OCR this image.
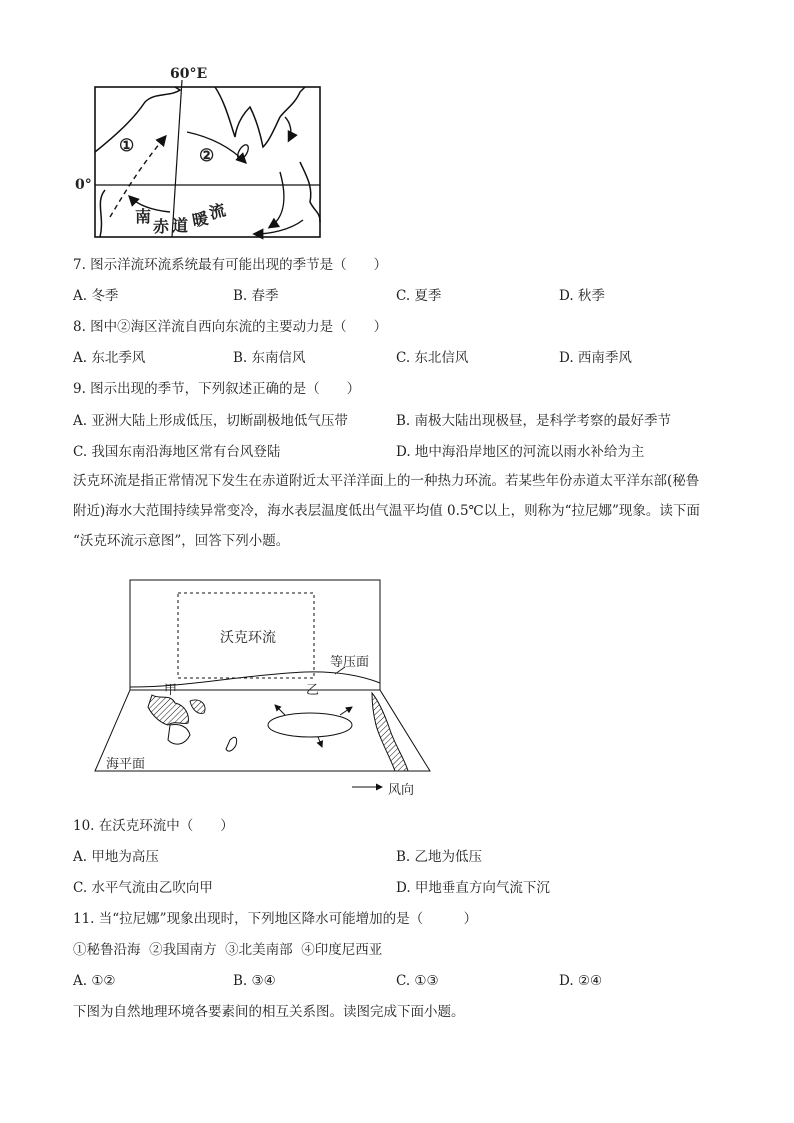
60°E
0°
①	②
南
赤 道 暖
流
7. 图示洋流环流系统最有可能出现的季节是（　　）
A. 冬季	B. 春季	C. 夏季	D. 秋季
8. 图中②海区洋流自西向东流的主要动力是（　　）
A. 东北季风	B. 东南信风	C. 东北信风	D. 西南季风
9. 图示出现的季节，下列叙述正确的是（　　）
A. 亚洲大陆上形成低压，切断副极地低气压带	B. 南极大陆出现极昼，是科学考察的最好季节
C. 我国东南沿海地区常有台风登陆	D. 地中海沿岸地区的河流以雨水补给为主
沃克环流是指正常情况下发生在赤道附近太平洋洋面上的一种热力环流。若某些年份赤道太平洋东部(秘鲁
附近)海水大范围持续异常变冷，海水表层温度低出气温平均值 0.5℃以上，则称为“拉尼娜”现象。读下面
“沃克环流示意图”，回答下列小题。
沃克环流
等压面
甲	乙
海平面
风向
10. 在沃克环流中（　　）
A. 甲地为高压	B. 乙地为低压
C. 水平气流由乙吹向甲	D. 甲地垂直方向气流下沉
11. 当“拉尼娜”现象出现时，下列地区降水可能增加的是（　　　）
①秘鲁沿海  ②我国南方  ③北美南部  ④印度尼西亚
A. ①②	B. ③④	C. ①③	D. ②④
下图为自然地理环境各要素间的相互关系图。读图完成下面小题。
